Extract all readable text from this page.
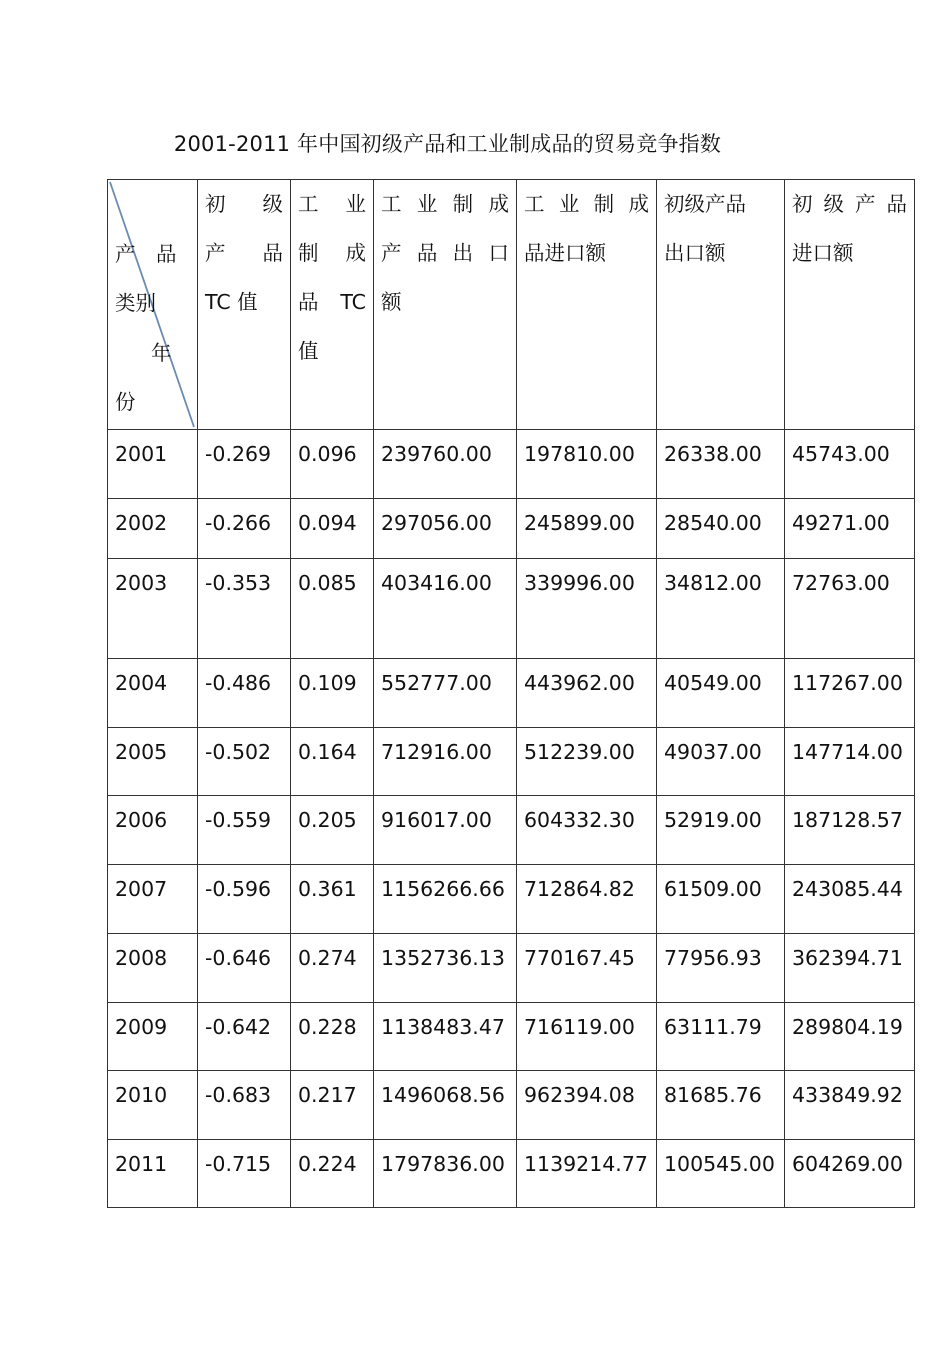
2001-2011 年中国初级产品和工业制成品的贸易竞争指数
产　品
类别
年
份	初　级
产　品
TC 值	工　业
制　成
品 TC
值	工业制成
产品出口
额	工业制成
品进口额	初级产品
出口额	初级产品
进口额

2001	-0.269	0.096	239760.00	197810.00	26338.00	45743.00
2002	-0.266	0.094	297056.00	245899.00	28540.00	49271.00
2003	-0.353	0.085	403416.00	339996.00	34812.00	72763.00
2004	-0.486	0.109	552777.00	443962.00	40549.00	117267.00
2005	-0.502	0.164	712916.00	512239.00	49037.00	147714.00
2006	-0.559	0.205	916017.00	604332.30	52919.00	187128.57
2007	-0.596	0.361	1156266.66	712864.82	61509.00	243085.44
2008	-0.646	0.274	1352736.13	770167.45	77956.93	362394.71
2009	-0.642	0.228	1138483.47	716119.00	63111.79	289804.19
2010	-0.683	0.217	1496068.56	962394.08	81685.76	433849.92
2011	-0.715	0.224	1797836.00	1139214.77	100545.00	604269.00
